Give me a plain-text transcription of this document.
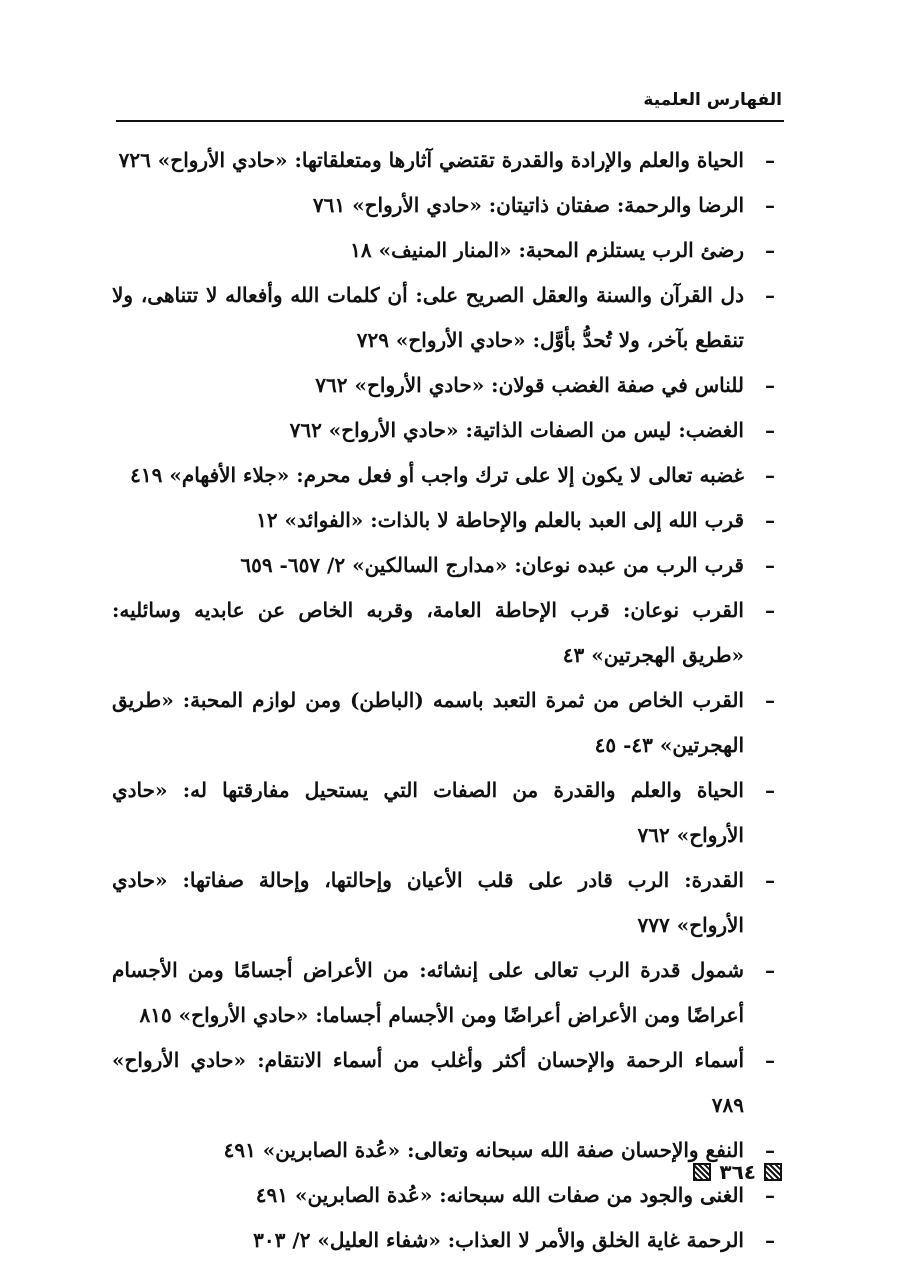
الفهارس العلمية
–
الحياة والعلم والإرادة والقدرة تقتضي آثارها ومتعلقاتها: «حادي الأرواح» ٧٢٦
–
الرضا والرحمة: صفتان ذاتيتان: «حادي الأرواح» ٧٦١
–
رضئ الرب يستلزم المحبة: «المنار المنيف» ١٨
–
دل القرآن والسنة والعقل الصريح على: أن كلمات الله وأفعاله لا تتناهى، ولا تنقطع بآخر، ولا تُحدُّ بأوَّل: «حادي الأرواح» ٧٢٩
–
للناس في صفة الغضب قولان: «حادي الأرواح» ٧٦٢
–
الغضب: ليس من الصفات الذاتية: «حادي الأرواح» ٧٦٢
–
غضبه تعالى لا يكون إلا على ترك واجب أو فعل محرم: «جلاء الأفهام» ٤١٩
–
قرب الله إلى العبد بالعلم والإحاطة لا بالذات: «الفوائد» ١٢
–
قرب الرب من عبده نوعان: «مدارج السالكين» ٢/ ٦٥٧- ٦٥٩
–
القرب نوعان: قرب الإحاطة العامة، وقربه الخاص عن عابديه وسائليه: «طريق الهجرتين» ٤٣
–
القرب الخاص من ثمرة التعبد باسمه (الباطن) ومن لوازم المحبة: «طريق الهجرتين» ٤٣- ٤٥
–
الحياة والعلم والقدرة من الصفات التي يستحيل مفارقتها له: «حادي الأرواح» ٧٦٢
–
القدرة: الرب قادر على قلب الأعيان وإحالتها، وإحالة صفاتها: «حادي الأرواح» ٧٧٧
–
شمول قدرة الرب تعالى على إنشائه: من الأعراض أجسامًا ومن الأجسام أعراضًا ومن الأعراض أعراضًا ومن الأجسام أجساما: «حادي الأرواح» ٨١٥
–
أسماء الرحمة والإحسان أكثر وأغلب من أسماء الانتقام: «حادي الأرواح» ٧٨٩
–
النفع والإحسان صفة الله سبحانه وتعالى: «عُدة الصابرين» ٤٩١
–
الغنى والجود من صفات الله سبحانه: «عُدة الصابرين» ٤٩١
–
الرحمة غاية الخلق والأمر لا العذاب: «شفاء العليل» ٢/ ٣٠٣
٣٦٤
